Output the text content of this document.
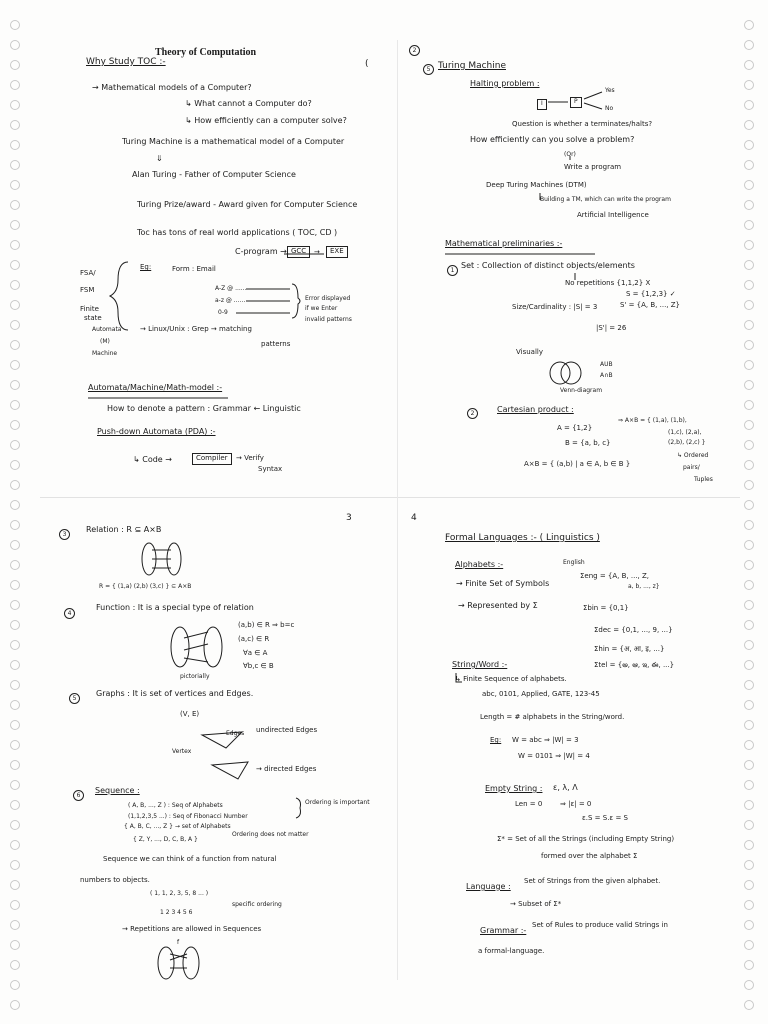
Theory of Computation
(
Why Study TOC :-
→ Mathematical models of a Computer?
↳ What cannot a Computer do?
↳ How efficiently can a computer solve?
Turing Machine is a mathematical model of a Computer
⇓
Alan Turing - Father of Computer Science
Turing Prize/award - Award given for Computer Science
Toc has tons of real world applications ( TOC, CD )
C-program → GCC	→	EXE
FSA/
FSM
Finite
state
Automata
(M)
Machine
Eg:	Form : Email
A-Z @ ......
a-z @ ......
0-9
Error displayed
if we Enter
invalid patterns
→ Linux/Unix : Grep → matching
patterns
Automata/Machine/Math-model :-
How to denote a pattern : Grammar ← Linguistic
Push-down Automata (PDA) :-
↳ Code →	Compiler	→ Verify
Syntax
2
5 Turing Machine
Halting problem :
I	P
Yes
No
Question is whether a terminates/halts?
How efficiently can you solve a problem?
(Or)
Write a program
Deep Turing Machines (DTM)
Building a TM, which can write the program
Artificial Intelligence
Mathematical preliminaries :-
1
Set : Collection of distinct objects/elements
No repetitions {1,1,2} X
S = {1,2,3} ✓
S' = {A, B, ..., Z}
Size/Cardinality : |S| = 3
|S'| = 26
Visually
AUB
A∩B
Venn-diagram
2	Cartesian product :
A = {1,2}
B = {a, b, c}
⇒ A×B = { (1,a), (1,b),
(1,c), (2,a),
(2,b), (2,c) }
↳ Ordered
pairs/
Tuples
A×B = { (a,b) | a ∈ A, b ∈ B }
3
3
Relation : R ⊆ A×B
R = { (1,a) (2,b) (3,c) } ⊆ A×B
4
Function : It is a special type of relation
(a,b) ∈ R ⇒ b=c
(a,c) ∈ R
∀a ∈ A
∀b,c ∈ B
pictorially
5
Graphs : It is set of vertices and Edges.
(V, E)
undirected Edges
Vertex
Edges
→ directed Edges
6
Sequence :
( A, B, ..., Z ) : Seq of Alphabets
(1,1,2,3,5 ...) : Seq of Fibonacci Number
{ A, B, C, ..., Z } → set of Alphabets
{ Z, Y, ..., D, C, B, A }
Ordering is important
Ordering does not matter
Sequence we can think of a function from natural
numbers to objects.
( 1, 1, 2, 3, 5, 8 ... )
1 2 3 4 5 6
specific ordering
→ Repetitions are allowed in Sequences
f
4
Formal Languages :- ( Linguistics )
Alphabets :-	English
→ Finite Set of Symbols
Σeng = {A, B, ..., Z,
a, b, ..., z}
→ Represented by Σ	Σbin = {0,1}
Σdec = {0,1, ..., 9, ...}
Σhin = {अ, आ, इ, ...}
Σtel = {అ, ఆ, ఇ, ఈ, ...}
String/Word :-
↳ Finite Sequence of alphabets.
abc, 0101, Applied, GATE, 123-45
Length = # alphabets in the String/word.
Eg: W = abc ⇒ |W| = 3
W = 0101 ⇒ |W| = 4
Empty String : ε, λ, Λ
Len = 0	⇒ |ε| = 0
ε.S = S.ε = S
Σ* = Set of all the Strings (including Empty String)
formed over the alphabet Σ
Language :
Set of Strings from the given alphabet.
→ Subset of Σ*
Grammar :-
Set of Rules to produce valid Strings in
a formal-language.
